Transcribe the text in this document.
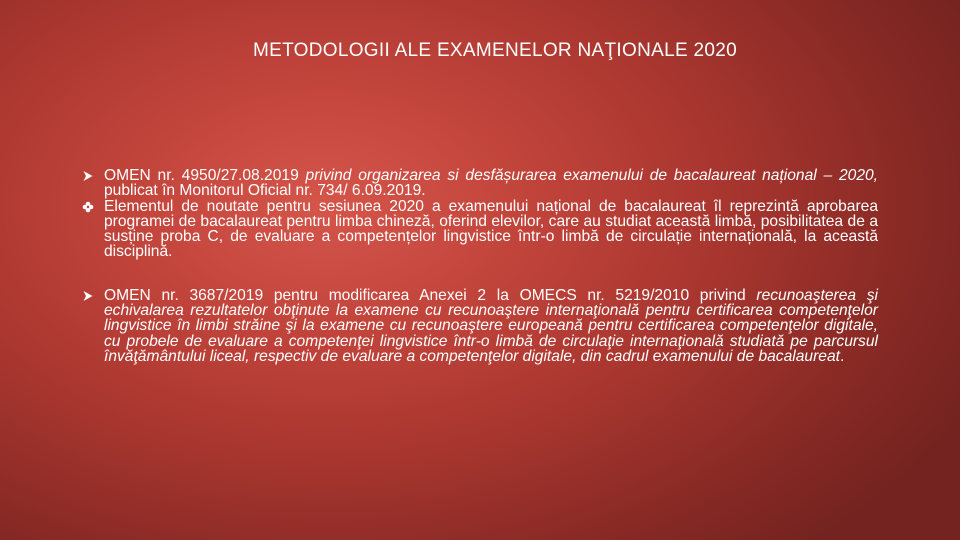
METODOLOGII ALE EXAMENELOR NAŢIONALE 2020
OMEN nr. 4950/27.08.2019 privind organizarea si desfășurarea examenului de bacalaureat național – 2020, publicat în Monitorul Oficial nr. 734/ 6.09.2019.
Elementul de noutate pentru sesiunea 2020 a examenului național de bacalaureat îl reprezintă aprobarea programei de bacalaureat pentru limba chineză, oferind elevilor, care au studiat această limbă, posibilitatea de a susține proba C, de evaluare a competențelor lingvistice într-o limbă de circulație internațională, la această disciplină.
OMEN nr. 3687/2019 pentru modificarea Anexei 2 la OMECS nr. 5219/2010 privind recunoaşterea şi echivalarea rezultatelor obţinute la examene cu recunoaştere internaţională pentru certificarea competenţelor lingvistice în limbi străine şi la examene cu recunoaştere europeană pentru certificarea competenţelor digitale, cu probele de evaluare a competenţei lingvistice într-o limbă de circulaţie internaţională studiată pe parcursul învăţământului liceal, respectiv de evaluare a competenţelor digitale, din cadrul examenului de bacalaureat.
